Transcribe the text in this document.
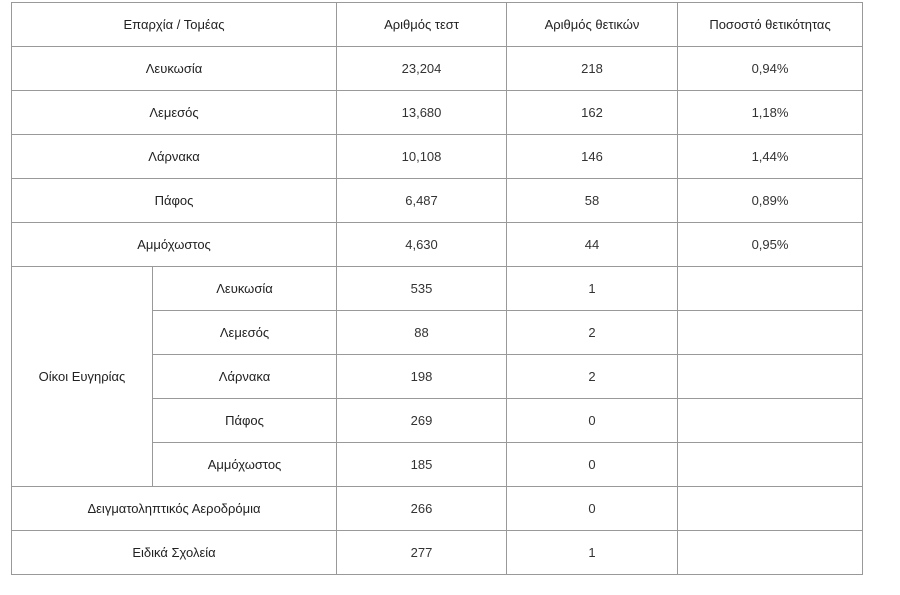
Επαρχία / Τομέας		Αριθμός τεστ	Αριθμός θετικών	Ποσοστό θετικότητας
Λευκωσία		23,204	218	0,94%
Λεμεσός		13,680	162	1,18%
Λάρνακα		10,108	146	1,44%
Πάφος		6,487	58	0,89%
Αμμόχωστος		4,630	44	0,95%
Οίκοι Ευγηρίας	Λευκωσία	535	1	
	Λεμεσός	88	2	
	Λάρνακα	198	2	
	Πάφος	269	0	
	Αμμόχωστος	185	0	
Δειγματοληπτικός Αεροδρόμια		266	0	
Ειδικά Σχολεία		277	1	
